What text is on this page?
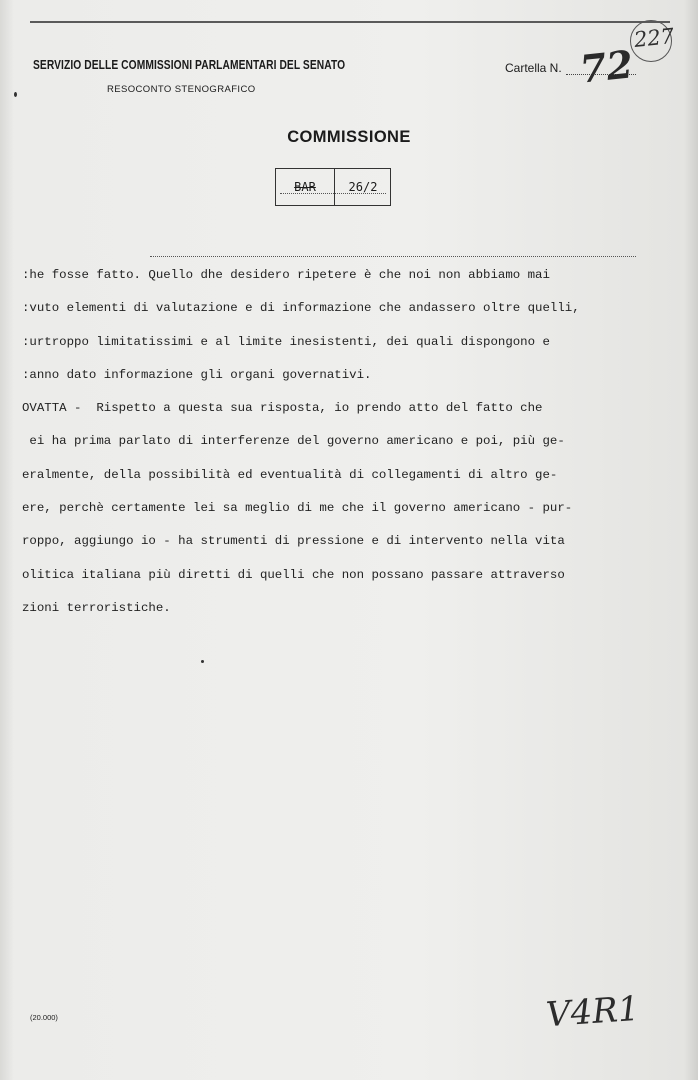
227
SERVIZIO DELLE COMMISSIONI PARLAMENTARI DEL SENATO
RESOCONTO STENOGRAFICO
Cartella N. 72
COMMISSIONE
BAR	26/2
:he fosse fatto. Quello dhe desidero ripetere è che noi non abbiamo mai
:vuto elementi di valutazione e di informazione che andassero oltre quelli,
:urtroppo limitatissimi e al limite inesistenti, dei quali dispongono e
:anno dato informazione gli organi governativi.
OVATTA -  Rispetto a questa sua risposta, io prendo atto del fatto che
ei ha prima parlato di interferenze del governo americano e poi, più ge-
eralmente, della possibilità ed eventualità di collegamenti di altro ge-
ere, perchè certamente lei sa meglio di me che il governo americano - pur-
roppo, aggiungo io - ha strumenti di pressione e di intervento nella vita
olitica italiana più diretti di quelli che non possano passare attraverso
zioni terroristiche.
(20.000)	V4R1
